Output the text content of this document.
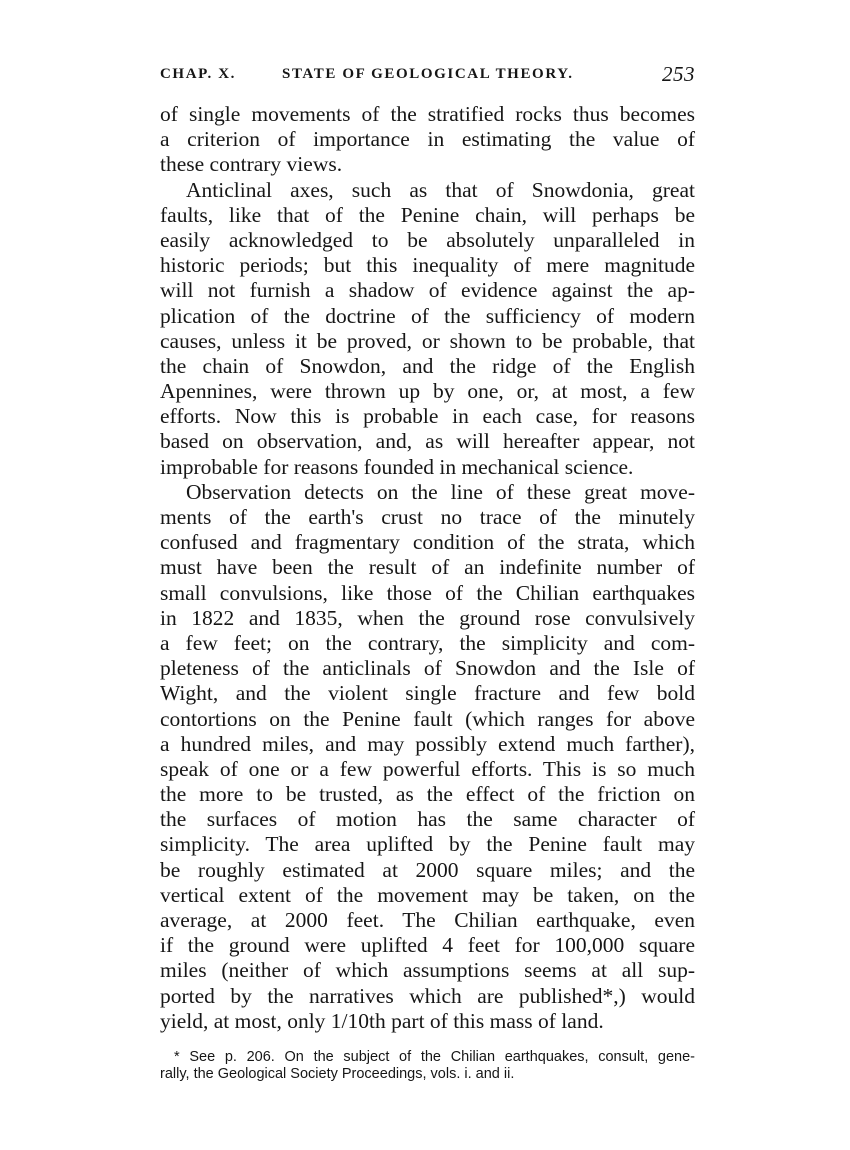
CHAP. X.	STATE OF GEOLOGICAL THEORY.	253
of single movements of the stratified rocks thus becomes
a criterion of importance in estimating the value of
these contrary views.
Anticlinal axes, such as that of Snowdonia, great
faults, like that of the Penine chain, will perhaps be
easily acknowledged to be absolutely unparalleled in
historic periods; but this inequality of mere magnitude
will not furnish a shadow of evidence against the ap-
plication of the doctrine of the sufficiency of modern
causes, unless it be proved, or shown to be probable, that
the chain of Snowdon, and the ridge of the English
Apennines, were thrown up by one, or, at most, a few
efforts. Now this is probable in each case, for reasons
based on observation, and, as will hereafter appear, not
improbable for reasons founded in mechanical science.
Observation detects on the line of these great move-
ments of the earth's crust no trace of the minutely
confused and fragmentary condition of the strata, which
must have been the result of an indefinite number of
small convulsions, like those of the Chilian earthquakes
in 1822 and 1835, when the ground rose convulsively
a few feet; on the contrary, the simplicity and com-
pleteness of the anticlinals of Snowdon and the Isle of
Wight, and the violent single fracture and few bold
contortions on the Penine fault (which ranges for above
a hundred miles, and may possibly extend much farther),
speak of one or a few powerful efforts. This is so much
the more to be trusted, as the effect of the friction on
the surfaces of motion has the same character of
simplicity. The area uplifted by the Penine fault may
be roughly estimated at 2000 square miles; and the
vertical extent of the movement may be taken, on the
average, at 2000 feet. The Chilian earthquake, even
if the ground were uplifted 4 feet for 100,000 square
miles (neither of which assumptions seems at all sup-
ported by the narratives which are published*,) would
yield, at most, only 1/10th part of this mass of land.
* See p. 206. On the subject of the Chilian earthquakes, consult, gene-
rally, the Geological Society Proceedings, vols. i. and ii.
